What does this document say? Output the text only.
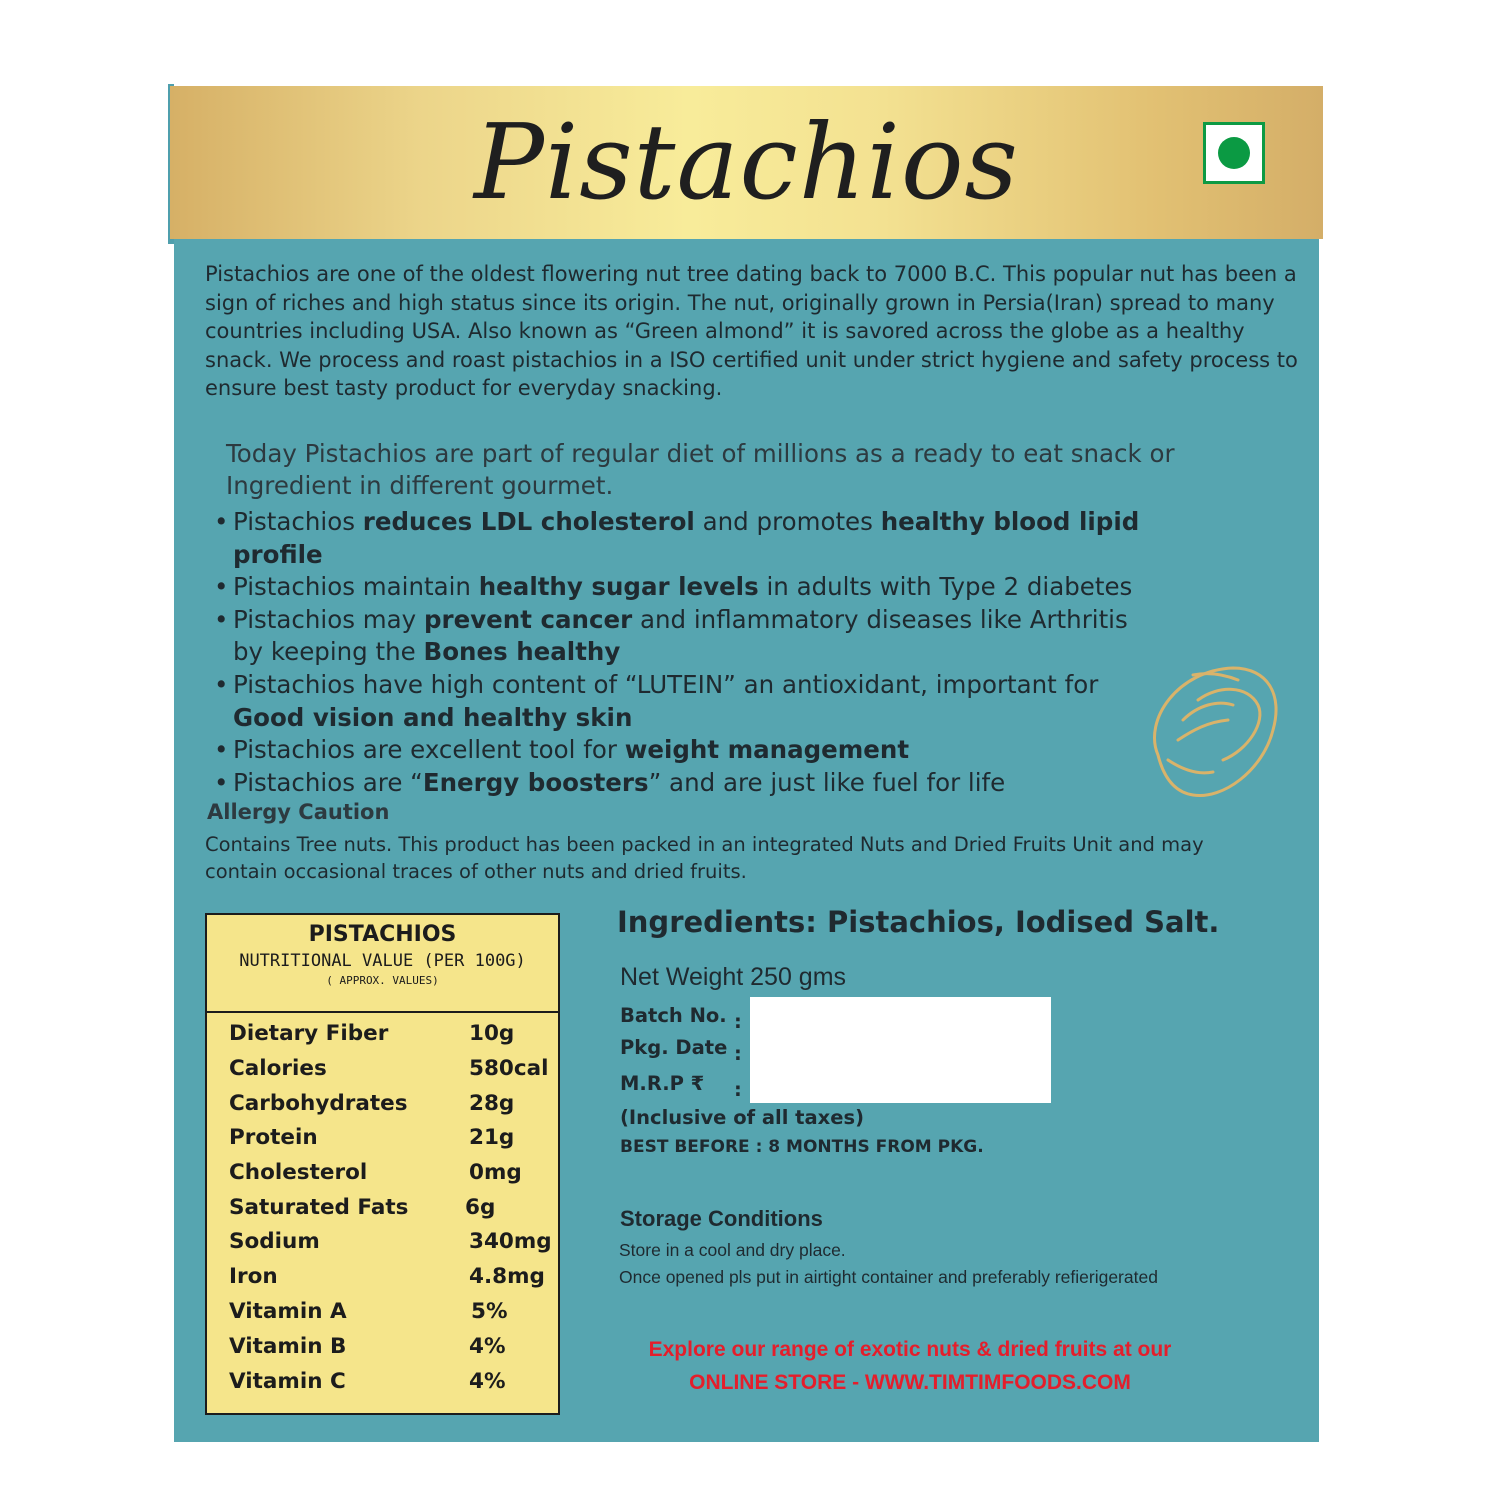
Pistachios
Pistachios are one of the oldest flowering nut tree dating back to 7000 B.C. This popular nut has been a sign of riches and high status since its origin. The nut, originally grown in Persia(Iran) spread to many countries including USA. Also known as “Green almond” it is savored across the globe as a healthy snack. We process and roast pistachios in a ISO certified unit under strict hygiene and safety process to ensure best tasty product for everyday snacking.
Today Pistachios are part of regular diet of millions as a ready to eat snack or Ingredient in different gourmet.
• Pistachios reduces LDL cholesterol and promotes healthy blood lipid profile
• Pistachios maintain healthy sugar levels in adults with Type 2 diabetes
• Pistachios may prevent cancer and inflammatory diseases like Arthritis
by keeping the Bones healthy
• Pistachios have high content of “LUTEIN” an antioxidant, important for
Good vision and healthy skin
• Pistachios are excellent tool for weight management
• Pistachios are “Energy boosters” and are just like fuel for life
Allergy Caution
Contains Tree nuts. This product has been packed in an integrated Nuts and Dried Fruits Unit and may contain occasional traces of other nuts and dried fruits.
PISTACHIOS
NUTRITIONAL VALUE (PER 100G)
( APPROX. VALUES)
Dietary Fiber	10g
Calories	580cal
Carbohydrates	28g
Protein	21g
Cholesterol	0mg
Saturated Fats	6g
Sodium	340mg
Iron	4.8mg
Vitamin A	5%
Vitamin B	4%
Vitamin C	4%
Ingredients: Pistachios, Iodised Salt.
Net Weight 250 gms
Batch No. :
Pkg. Date :
M.R.P ₹ :
(Inclusive of all taxes)
BEST BEFORE : 8 MONTHS FROM PKG.
Storage Conditions
Store in a cool and dry place.
Once opened pls put in airtight container and preferably refierigerated
Explore our range of exotic nuts & dried fruits at our
ONLINE STORE - WWW.TIMTIMFOODS.COM
